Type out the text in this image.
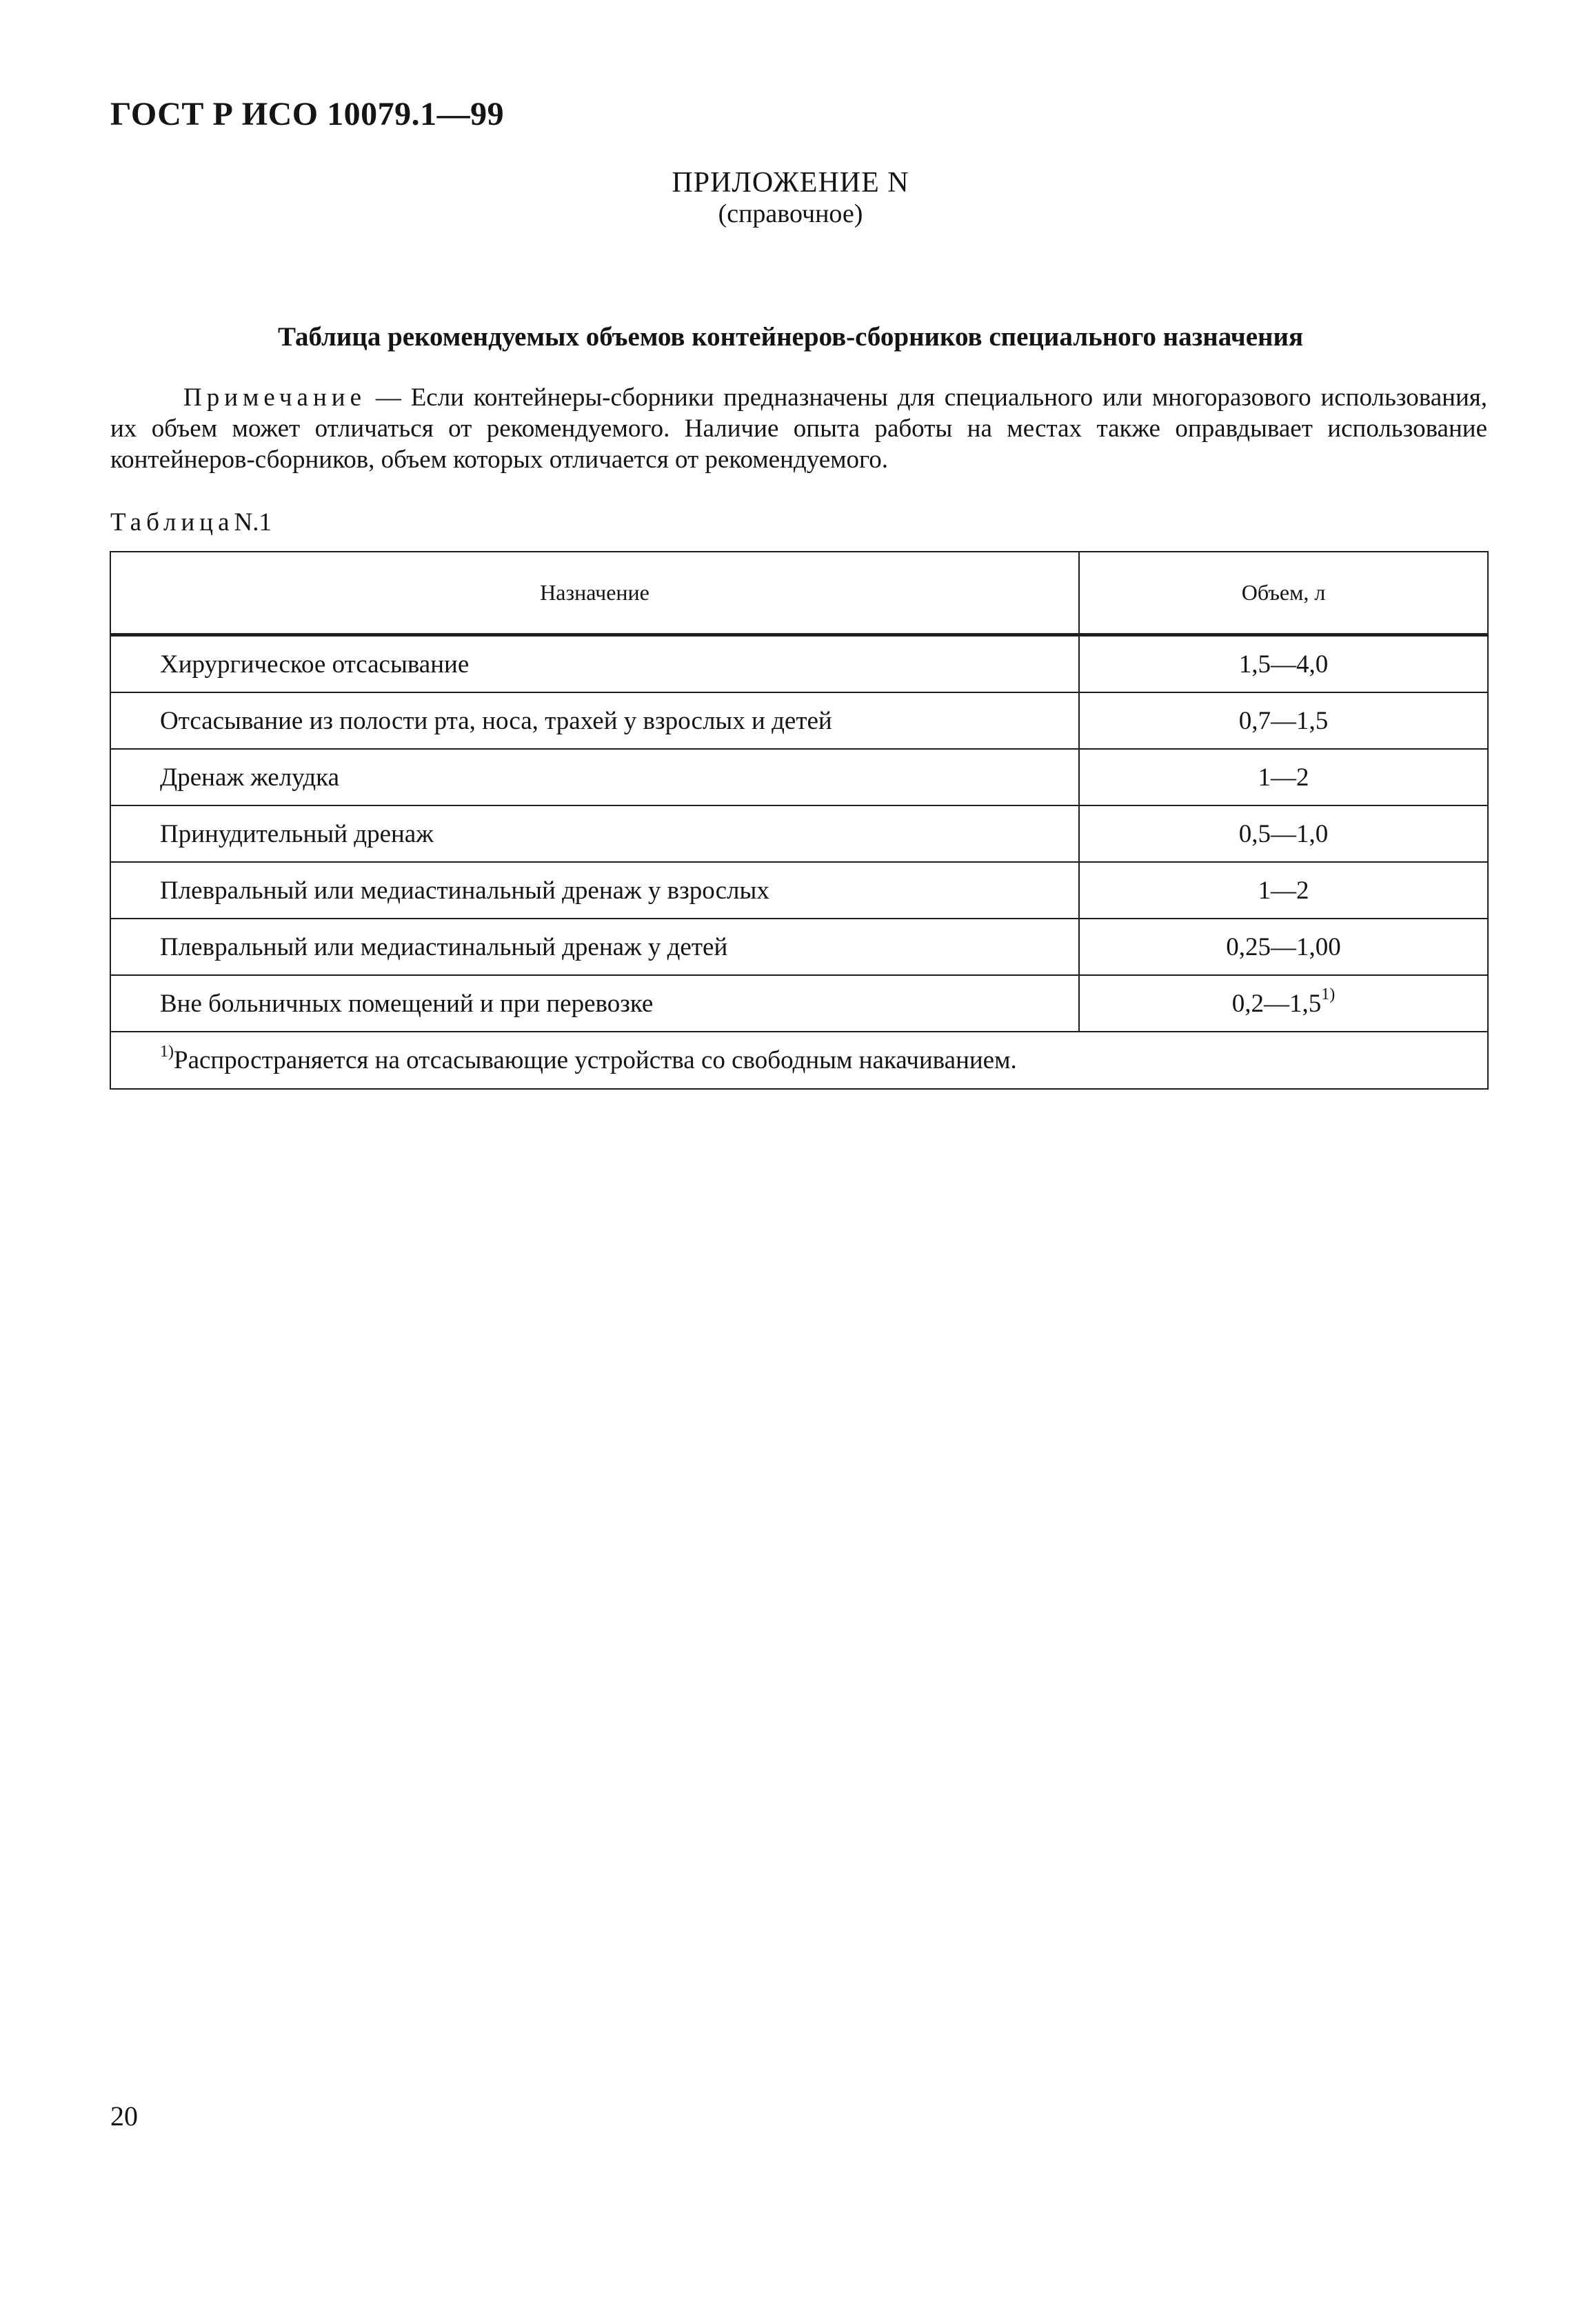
ГОСТ Р ИСО 10079.1—99
ПРИЛОЖЕНИЕ N
(справочное)
Таблица рекомендуемых объемов контейнеров-сборников специального назначения

Примечание — Если контейнеры-сборники предназначены для специального или многоразового использования, их объем может отличаться от рекомендуемого. Наличие опыта работы на местах также оправдывает использование контейнеров-сборников, объем которых отличается от рекомендуемого.

ТаблицаN.1
Назначение	Объем, л
Хирургическое отсасывание	1,5—4,0
Отсасывание из полости рта, носа, трахей у взрослых и детей	0,7—1,5
Дренаж желудка	1—2
Принудительный дренаж	0,5—1,0
Плевральный или медиастинальный дренаж у взрослых	1—2
Плевральный или медиастинальный дренаж у детей	0,25—1,00
Вне больничных помещений и при перевозке	0,2—1,5$^{1)}$
$^{1)}$Распространяется на отсасывающие устройства со свободным накачиванием.	
20
